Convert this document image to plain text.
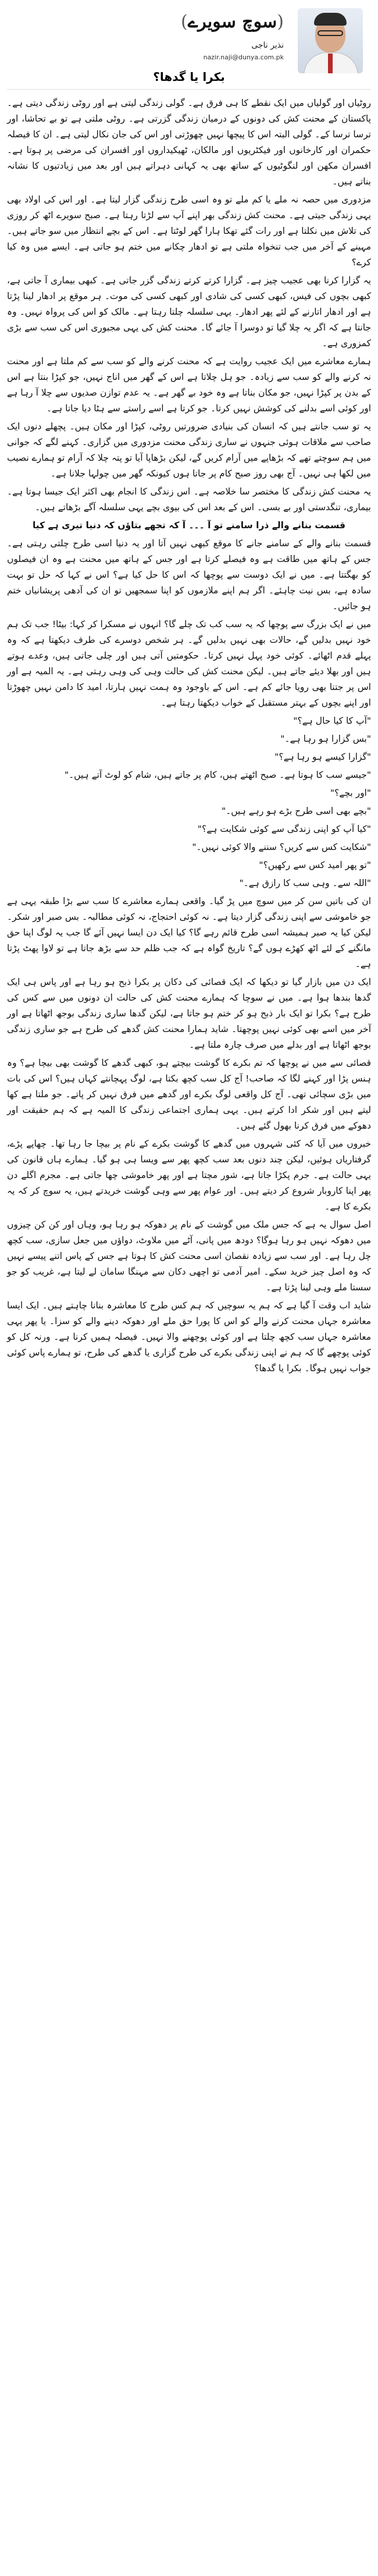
(سوچ سویرے)
نذیر ناجی
nazir.naji@dunya.com.pk
بکرا یا گدھا؟

روٹیاں اور گولیاں میں ایک نقطے کا ہی فرق ہے۔ گولی زندگی لیتی ہے اور روٹی زندگی دیتی ہے۔ پاکستان کے محنت کش کی دونوں کے درمیان زندگی گزرتی ہے۔ روٹی ملتی ہے تو بے تحاشا، اور ترسا ترسا کے۔ گولی البتہ اس کا پیچھا نہیں چھوڑتی اور اس کی جان نکال لیتی ہے۔ ان کا فیصلہ حکمران اور کارخانوں اور فیکٹریوں اور مالکان، ٹھیکیداروں اور افسران کی مرضی پر ہوتا ہے۔ افسران مکھن اور لنگوٹیوں کے ساتھ بھی یہ کہانی دہراتے ہیں اور بعد میں زیادتیوں کا نشانہ بناتے ہیں۔

مزدوری میں حصہ نہ ملے یا کم ملے تو وہ اسی طرح زندگی گزار لیتا ہے۔ اور اس کی اولاد بھی یہی زندگی جیتی ہے۔ محنت کش زندگی بھر اپنے آپ سے لڑتا رہتا ہے۔ صبح سویرے اٹھ کر روزی کی تلاش میں نکلتا ہے اور رات گئے تھکا ہارا گھر لوٹتا ہے۔ اس کے بچے انتظار میں سو جاتے ہیں۔ مہینے کے آخر میں جب تنخواہ ملتی ہے تو ادھار چکانے میں ختم ہو جاتی ہے۔ ایسے میں وہ کیا کرے؟

یہ گزارا کرنا بھی عجیب چیز ہے۔ گزارا کرتے کرتے زندگی گزر جاتی ہے۔ کبھی بیماری آ جاتی ہے، کبھی بچوں کی فیس، کبھی کسی کی شادی اور کبھی کسی کی موت۔ ہر موقع پر ادھار لینا پڑتا ہے اور ادھار اتارنے کے لئے پھر ادھار۔ یہی سلسلہ چلتا رہتا ہے۔ مالک کو اس کی پرواہ نہیں۔ وہ جانتا ہے کہ اگر یہ چلا گیا تو دوسرا آ جائے گا۔ محنت کش کی یہی مجبوری اس کی سب سے بڑی کمزوری ہے۔

ہمارے معاشرے میں ایک عجیب روایت ہے کہ محنت کرنے والے کو سب سے کم ملتا ہے اور محنت نہ کرنے والے کو سب سے زیادہ۔ جو ہل چلاتا ہے اس کے گھر میں اناج نہیں، جو کپڑا بنتا ہے اس کے بدن پر کپڑا نہیں، جو مکان بناتا ہے وہ خود بے گھر ہے۔ یہ عدم توازن صدیوں سے چلا آ رہا ہے اور کوئی اسے بدلنے کی کوشش نہیں کرتا۔ جو کرتا ہے اسے راستے سے ہٹا دیا جاتا ہے۔

یہ تو سب جانتے ہیں کہ انسان کی بنیادی ضرورتیں روٹی، کپڑا اور مکان ہیں۔ پچھلے دنوں ایک صاحب سے ملاقات ہوئی جنہوں نے ساری زندگی محنت مزدوری میں گزاری۔ کہنے لگے کہ جوانی میں ہم سوچتے تھے کہ بڑھاپے میں آرام کریں گے، لیکن بڑھاپا آیا تو پتہ چلا کہ آرام تو ہمارے نصیب میں لکھا ہی نہیں۔ آج بھی روز صبح کام پر جاتا ہوں کیونکہ گھر میں چولہا جلانا ہے۔

یہ محنت کش زندگی کا مختصر سا خلاصہ ہے۔ اس زندگی کا انجام بھی اکثر ایک جیسا ہوتا ہے۔ بیماری، تنگدستی اور بے بسی۔ اس کے بعد اس کی بیوی بچے یہی سلسلہ آگے بڑھاتے ہیں۔

قسمت بنانے والے ذرا سامنے تو آ ۔۔۔ آ کہ تجھے بتاؤں کہ دنیا تیری ہے کیا

قسمت بنانے والے کے سامنے جانے کا موقع کبھی نہیں آتا اور یہ دنیا اسی طرح چلتی رہتی ہے۔ جس کے ہاتھ میں طاقت ہے وہ فیصلے کرتا ہے اور جس کے ہاتھ میں محنت ہے وہ ان فیصلوں کو بھگتتا ہے۔ میں نے ایک دوست سے پوچھا کہ اس کا حل کیا ہے؟ اس نے کہا کہ حل تو بہت سادہ ہے، بس نیت چاہئے۔ اگر ہم اپنے ملازموں کو اپنا سمجھیں تو ان کی آدھی پریشانیاں ختم ہو جائیں۔

میں نے ایک بزرگ سے پوچھا کہ یہ سب کب تک چلے گا؟ انہوں نے مسکرا کر کہا: بیٹا! جب تک ہم خود نہیں بدلیں گے، حالات بھی نہیں بدلیں گے۔ ہر شخص دوسرے کی طرف دیکھتا ہے کہ وہ پہلے قدم اٹھائے۔ کوئی خود پہل نہیں کرتا۔ حکومتیں آتی ہیں اور چلی جاتی ہیں، وعدے ہوتے ہیں اور بھلا دیئے جاتے ہیں۔ لیکن محنت کش کی حالت وہی کی وہی رہتی ہے۔ یہ المیہ ہے اور اس پر جتنا بھی رویا جائے کم ہے۔ اس کے باوجود وہ ہمت نہیں ہارتا، امید کا دامن نہیں چھوڑتا اور اپنے بچوں کے بہتر مستقبل کے خواب دیکھتا رہتا ہے۔

"آپ کا کیا حال ہے؟"

"بس گزارا ہو رہا ہے۔"

"گزارا کیسے ہو رہا ہے؟"

"جیسے سب کا ہوتا ہے۔ صبح اٹھتے ہیں، کام پر جاتے ہیں، شام کو لوٹ آتے ہیں۔"

"اور بچے؟"

"بچے بھی اسی طرح بڑے ہو رہے ہیں۔"

"کیا آپ کو اپنی زندگی سے کوئی شکایت ہے؟"

"شکایت کس سے کریں؟ سننے والا کوئی نہیں۔"

"تو پھر امید کس سے رکھیں؟"

"اللہ سے۔ وہی سب کا رازق ہے۔"

ان کی باتیں سن کر میں سوچ میں پڑ گیا۔ واقعی ہمارے معاشرے کا سب سے بڑا طبقہ یہی ہے جو خاموشی سے اپنی زندگی گزار دیتا ہے۔ نہ کوئی احتجاج، نہ کوئی مطالبہ۔ بس صبر اور شکر۔ لیکن کیا یہ صبر ہمیشہ اسی طرح قائم رہے گا؟ کیا ایک دن ایسا نہیں آئے گا جب یہ لوگ اپنا حق مانگنے کے لئے اٹھ کھڑے ہوں گے؟ تاریخ گواہ ہے کہ جب ظلم حد سے بڑھ جاتا ہے تو لاوا پھٹ پڑتا ہے۔

ایک دن میں بازار گیا تو دیکھا کہ ایک قصائی کی دکان پر بکرا ذبح ہو رہا ہے اور پاس ہی ایک گدھا بندھا ہوا ہے۔ میں نے سوچا کہ ہمارے محنت کش کی حالت ان دونوں میں سے کس کی طرح ہے؟ بکرا تو ایک بار ذبح ہو کر ختم ہو جاتا ہے، لیکن گدھا ساری زندگی بوجھ اٹھاتا ہے اور آخر میں اسے بھی کوئی نہیں پوچھتا۔ شاید ہمارا محنت کش گدھے کی طرح ہے جو ساری زندگی بوجھ اٹھاتا ہے اور بدلے میں صرف چارہ ملتا ہے۔

قصائی سے میں نے پوچھا کہ تم بکرے کا گوشت بیچتے ہو، کبھی گدھے کا گوشت بھی بیچا ہے؟ وہ ہنس پڑا اور کہنے لگا کہ صاحب! آج کل سب کچھ بکتا ہے، لوگ پہچانتے کہاں ہیں؟ اس کی بات میں بڑی سچائی تھی۔ آج کل واقعی لوگ بکرے اور گدھے میں فرق نہیں کر پاتے۔ جو ملتا ہے کھا لیتے ہیں اور شکر ادا کرتے ہیں۔ یہی ہماری اجتماعی زندگی کا المیہ ہے کہ ہم حقیقت اور دھوکے میں فرق کرنا بھول گئے ہیں۔

خبروں میں آیا کہ کئی شہروں میں گدھے کا گوشت بکرے کے نام پر بیچا جا رہا تھا۔ چھاپے پڑے، گرفتاریاں ہوئیں، لیکن چند دنوں بعد سب کچھ پھر سے ویسا ہی ہو گیا۔ ہمارے ہاں قانون کی یہی حالت ہے۔ جرم پکڑا جاتا ہے، شور مچتا ہے اور پھر خاموشی چھا جاتی ہے۔ مجرم اگلے دن پھر اپنا کاروبار شروع کر دیتے ہیں۔ اور عوام پھر سے وہی گوشت خریدتے ہیں، یہ سوچ کر کہ یہ بکرے کا ہے۔

اصل سوال یہ ہے کہ جس ملک میں گوشت کے نام پر دھوکہ ہو رہا ہو، وہاں اور کن کن چیزوں میں دھوکہ نہیں ہو رہا ہوگا؟ دودھ میں پانی، آٹے میں ملاوٹ، دواؤں میں جعل سازی، سب کچھ چل رہا ہے۔ اور سب سے زیادہ نقصان اسی محنت کش کا ہوتا ہے جس کے پاس اتنے پیسے نہیں کہ وہ اصل چیز خرید سکے۔ امیر آدمی تو اچھی دکان سے مہنگا سامان لے لیتا ہے، غریب کو جو سستا ملے وہی لینا پڑتا ہے۔

شاید اب وقت آ گیا ہے کہ ہم یہ سوچیں کہ ہم کس طرح کا معاشرہ بنانا چاہتے ہیں۔ ایک ایسا معاشرہ جہاں محنت کرنے والے کو اس کا پورا حق ملے اور دھوکہ دینے والے کو سزا۔ یا پھر یہی معاشرہ جہاں سب کچھ چلتا ہے اور کوئی پوچھنے والا نہیں۔ فیصلہ ہمیں کرنا ہے۔ ورنہ کل کو کوئی پوچھے گا کہ ہم نے اپنی زندگی بکرے کی طرح گزاری یا گدھے کی طرح، تو ہمارے پاس کوئی جواب نہیں ہوگا۔ بکرا یا گدھا؟
